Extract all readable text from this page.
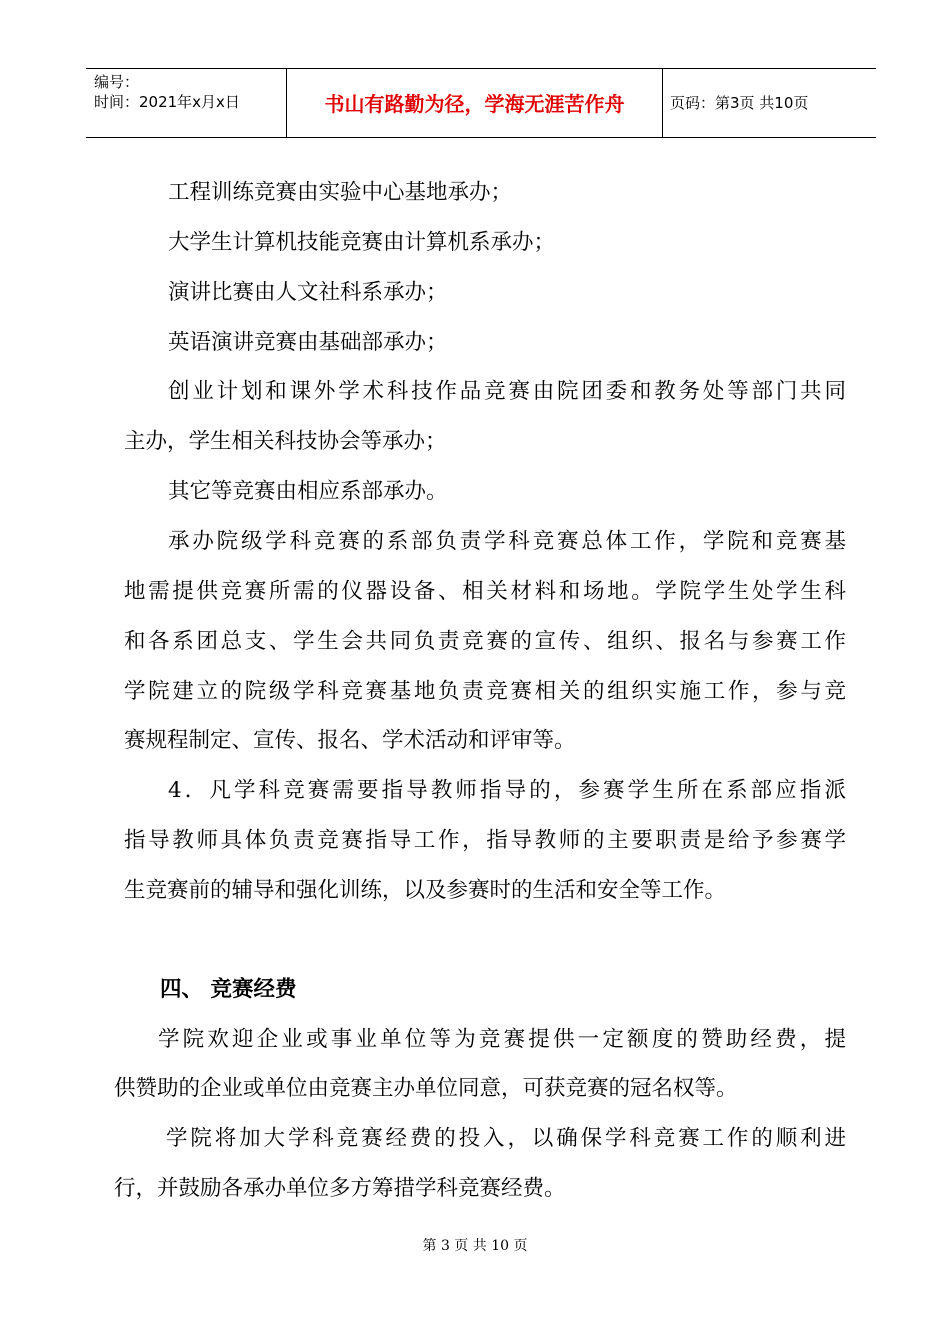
编号：
时间：2021年x月x日	书山有路勤为径，学海无涯苦作舟	页码：第3页 共10页
工程训练竞赛由实验中心基地承办；
大学生计算机技能竞赛由计算机系承办；
演讲比赛由人文社科系承办；
英语演讲竞赛由基础部承办；
创业计划和课外学术科技作品竞赛由院团委和教务处等部门共同
主办，学生相关科技协会等承办；
其它等竞赛由相应系部承办。
承办院级学科竞赛的系部负责学科竞赛总体工作，学院和竞赛基
地需提供竞赛所需的仪器设备、相关材料和场地。学院学生处学生科
和各系团总支、学生会共同负责竞赛的宣传、组织、报名与参赛工作
学院建立的院级学科竞赛基地负责竞赛相关的组织实施工作，参与竞
赛规程制定、宣传、报名、学术活动和评审等。
4．凡学科竞赛需要指导教师指导的，参赛学生所在系部应指派
指导教师具体负责竞赛指导工作，指导教师的主要职责是给予参赛学
生竞赛前的辅导和强化训练，以及参赛时的生活和安全等工作。
四、 竞赛经费
学院欢迎企业或事业单位等为竞赛提供一定额度的赞助经费，提
供赞助的企业或单位由竞赛主办单位同意，可获竞赛的冠名权等。
学院将加大学科竞赛经费的投入，以确保学科竞赛工作的顺利进
行，并鼓励各承办单位多方筹措学科竞赛经费。
第 3 页 共 10 页
